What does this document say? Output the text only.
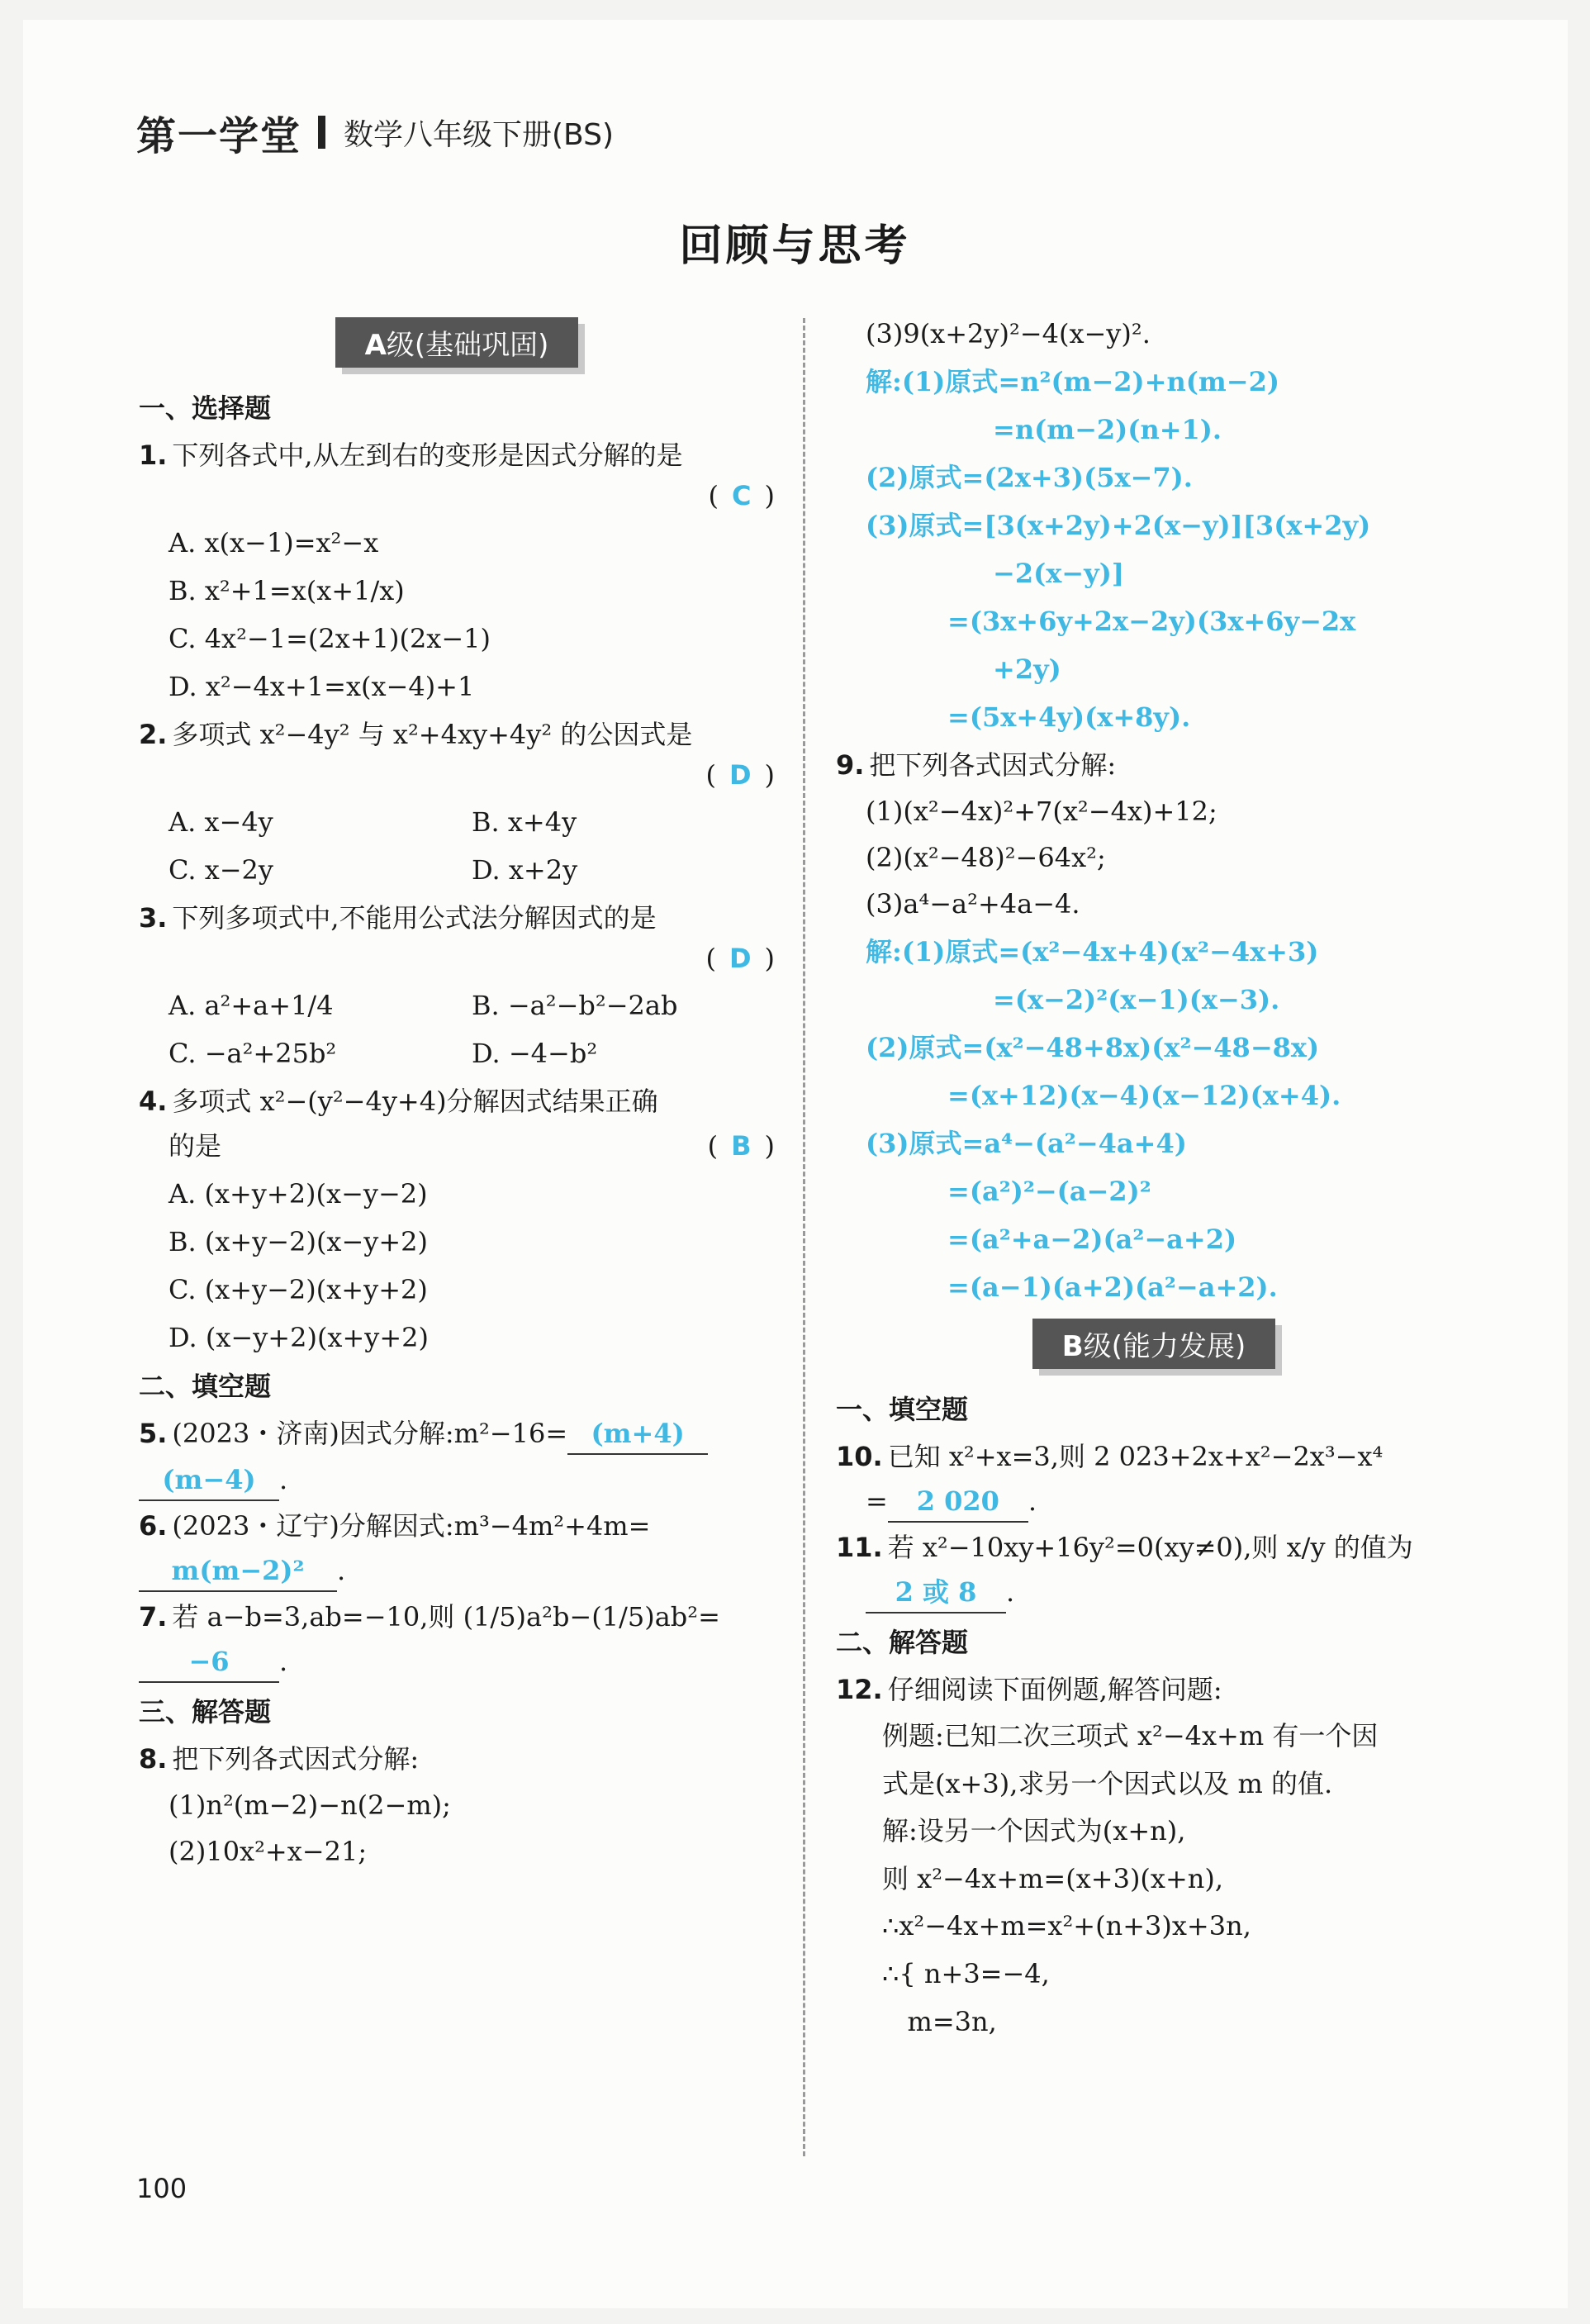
第一学堂 数学八年级下册(BS)
回顾与思考
A级(基础巩固)
一、选择题
1. 下列各式中,从左到右的变形是因式分解的是
( C )
A. x(x−1)=x²−x
B. x²+1=x(x+1/x)
C. 4x²−1=(2x+1)(2x−1)
D. x²−4x+1=x(x−4)+1
2. 多项式 x²−4y² 与 x²+4xy+4y² 的公因式是
( D )
A. x−4y	B. x+4y
C. x−2y	D. x+2y
3. 下列多项式中,不能用公式法分解因式的是
( D )
A. a²+a+1/4	B. −a²−b²−2ab
C. −a²+25b²	D. −4−b²
4. 多项式 x²−(y²−4y+4)分解因式结果正确
的是	( B )
A. (x+y+2)(x−y−2)
B. (x+y−2)(x−y+2)
C. (x+y−2)(x+y+2)
D. (x−y+2)(x+y+2)
二、填空题
5. (2023・济南)因式分解:m²−16= (m+4)
(m−4) .
6. (2023・辽宁)分解因式:m³−4m²+4m=
m(m−2)² .
7. 若 a−b=3,ab=−10,则 (1/5)a²b−(1/5)ab²=
−6 .
三、解答题
8. 把下列各式因式分解:
(1)n²(m−2)−n(2−m);
(2)10x²+x−21;
(3)9(x+2y)²−4(x−y)².
解:(1)原式=n²(m−2)+n(m−2)
=n(m−2)(n+1).
(2)原式=(2x+3)(5x−7).
(3)原式=[3(x+2y)+2(x−y)][3(x+2y)
−2(x−y)]
=(3x+6y+2x−2y)(3x+6y−2x
+2y)
=(5x+4y)(x+8y).
9. 把下列各式因式分解:
(1)(x²−4x)²+7(x²−4x)+12;
(2)(x²−48)²−64x²;
(3)a⁴−a²+4a−4.
解:(1)原式=(x²−4x+4)(x²−4x+3)
=(x−2)²(x−1)(x−3).
(2)原式=(x²−48+8x)(x²−48−8x)
=(x+12)(x−4)(x−12)(x+4).
(3)原式=a⁴−(a²−4a+4)
=(a²)²−(a−2)²
=(a²+a−2)(a²−a+2)
=(a−1)(a+2)(a²−a+2).
B级(能力发展)
一、填空题
10. 已知 x²+x=3,则 2 023+2x+x²−2x³−x⁴
= 2 020 .
11. 若 x²−10xy+16y²=0(xy≠0),则 x/y 的值为
2 或 8 .
二、解答题
12. 仔细阅读下面例题,解答问题:
例题:已知二次三项式 x²−4x+m 有一个因
式是(x+3),求另一个因式以及 m 的值.
解:设另一个因式为(x+n),
则 x²−4x+m=(x+3)(x+n),
∴x²−4x+m=x²+(n+3)x+3n,
∴{ n+3=−4,
m=3n,
100
